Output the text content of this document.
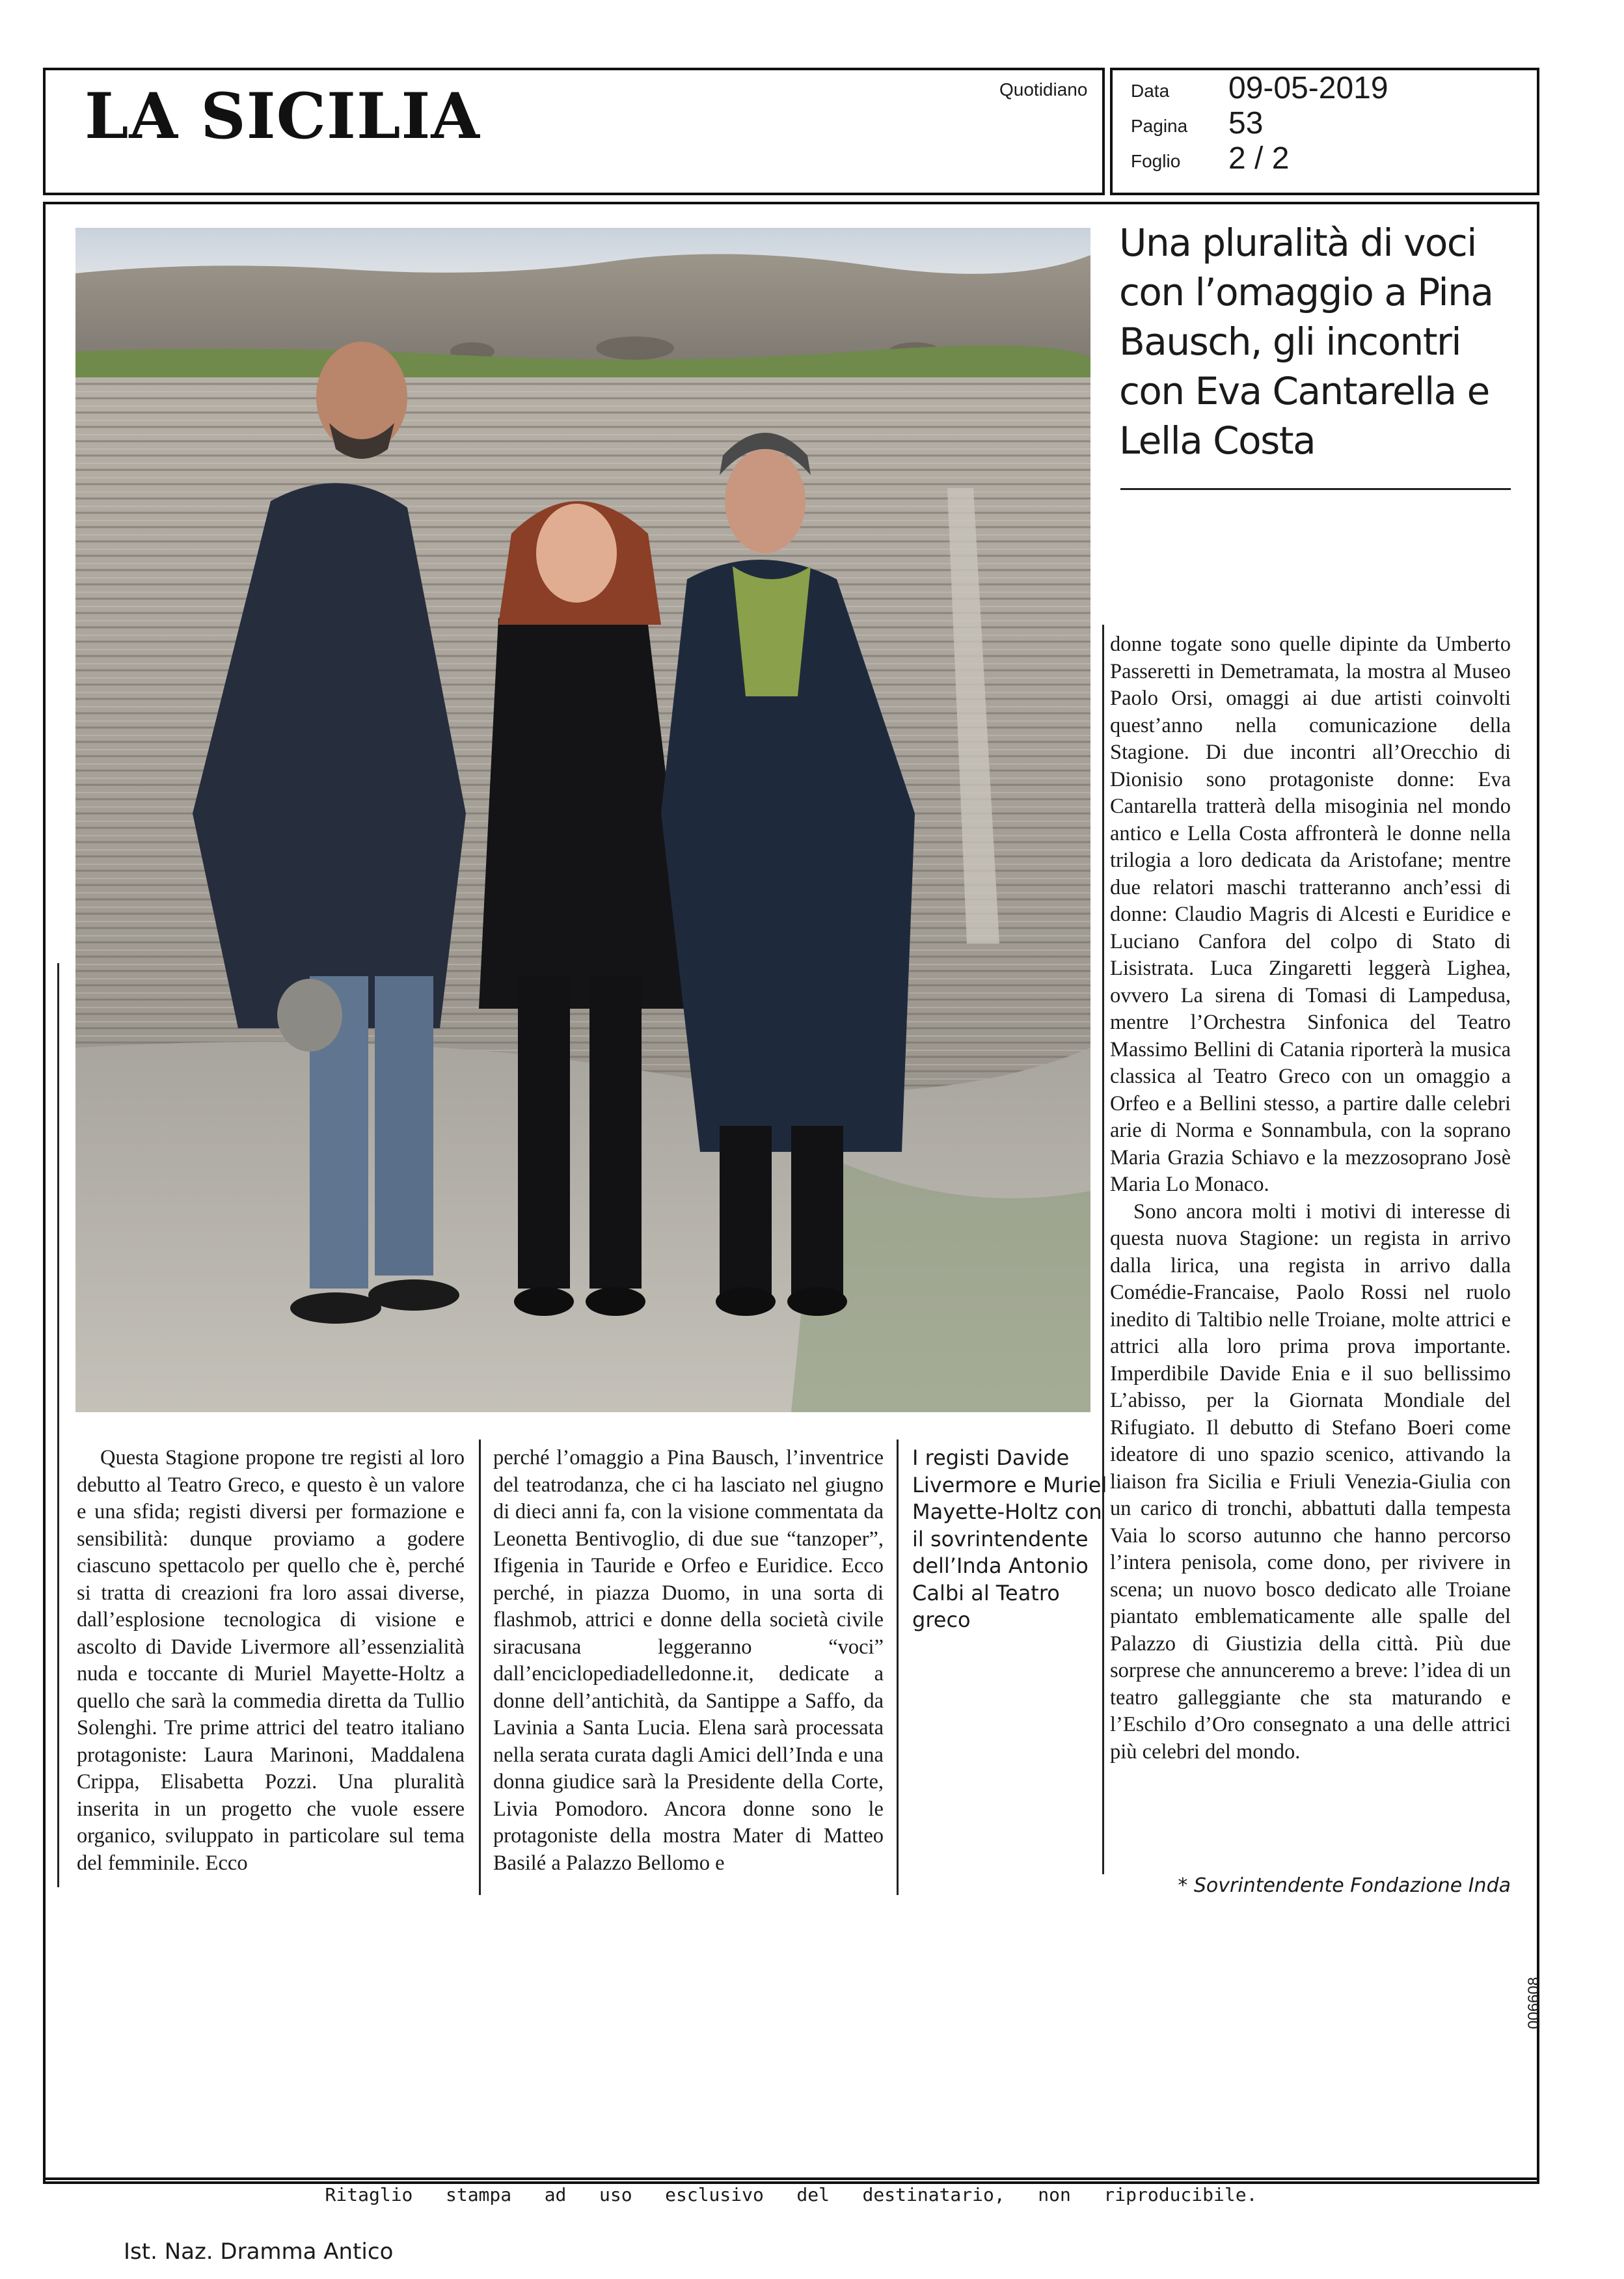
LA SICILIA	Quotidiano Data 09-05-2019
Pagina 53
Foglio 2 / 2
Una pluralità di voci con l’omaggio a Pina Bausch, gli incontri con Eva Cantarella e Lella Costa

Questa Stagione propone tre registi al loro debutto al Teatro Greco, e questo è un valore e una sfida; registi diversi per formazione e sensibilità: dunque proviamo a godere ciascuno spettacolo per quello che è, perché si tratta di creazioni fra loro assai diverse, dall’esplosione tecnologica di visione e ascolto di Davide Livermore all’essenzialità nuda e toccante di Muriel Mayette-Holtz a quello che sarà la commedia diretta da Tullio Solenghi. Tre prime attrici del teatro italiano protagoniste: Laura Marinoni, Maddalena Crippa, Elisabetta Pozzi. Una pluralità inserita in un progetto che vuole essere organico, sviluppato in particolare sul tema del femminile. Ecco

perché l’omaggio a Pina Bausch, l’inventrice del teatrodanza, che ci ha lasciato nel giugno di dieci anni fa, con la visione commentata da Leonetta Bentivoglio, di due sue “tanzoper”, Ifigenia in Tauride e Orfeo e Euridice. Ecco perché, in piazza Duomo, in una sorta di flashmob, attrici e donne della società civile siracusana leggeranno “voci” dall’enciclopediadelledonne.it, dedicate a donne dell’antichità, da Santippe a Saffo, da Lavinia a Santa Lucia. Elena sarà processata nella serata curata dagli Amici dell’Inda e una donna giudice sarà la Presidente della Corte, Livia Pomodoro. Ancora donne sono le protagoniste della mostra Mater di Matteo Basilé a Palazzo Bellomo e

I registi Davide Livermore e Muriel Mayette-Holtz con il sovrintendente dell’Inda Antonio Calbi al Teatro greco

donne togate sono quelle dipinte da Umberto Passeretti in Demetramata, la mostra al Museo Paolo Orsi, omaggi ai due artisti coinvolti quest’anno nella comunicazione della Stagione. Di due incontri all’Orecchio di Dionisio sono protagoniste donne: Eva Cantarella tratterà della misoginia nel mondo antico e Lella Costa affronterà le donne nella trilogia a loro dedicata da Aristofane; mentre due relatori maschi tratteranno anch’essi di donne: Claudio Magris di Alcesti e Euridice e Luciano Canfora del colpo di Stato di Lisistrata. Luca Zingaretti leggerà Lighea, ovvero La sirena di Tomasi di Lampedusa, mentre l’Orchestra Sinfonica del Teatro Massimo Bellini di Catania riporterà la musica classica al Teatro Greco con un omaggio a Orfeo e a Bellini stesso, a partire dalle celebri arie di Norma e Sonnambula, con la soprano Maria Grazia Schiavo e la mezzosoprano Josè Maria Lo Monaco.

Sono ancora molti i motivi di interesse di questa nuova Stagione: un regista in arrivo dalla lirica, una regista in arrivo dalla Comédie-Francaise, Paolo Rossi nel ruolo inedito di Taltibio nelle Troiane, molte attrici e attrici alla loro prima prova importante. Imperdibile Davide Enia e il suo bellissimo L’abisso, per la Giornata Mondiale del Rifugiato. Il debutto di Stefano Boeri come ideatore di uno spazio scenico, attivando la liaison fra Sicilia e Friuli Venezia-Giulia con un carico di tronchi, abbattuti dalla tempesta Vaia lo scorso autunno che hanno percorso l’intera penisola, come dono, per rivivere in scena; un nuovo bosco dedicato alle Troiane piantato emblematicamente alle spalle del Palazzo di Giustizia della città. Più due sorprese che annunceremo a breve: l’idea di un teatro galleggiante che sta maturando e l’Eschilo d’Oro consegnato a una delle attrici più celebri del mondo.

* Sovrintendente Fondazione Inda
006608
Ritaglio   stampa   ad   uso   esclusivo   del   destinatario,   non   riproducibile.
Ist. Naz. Dramma Antico
